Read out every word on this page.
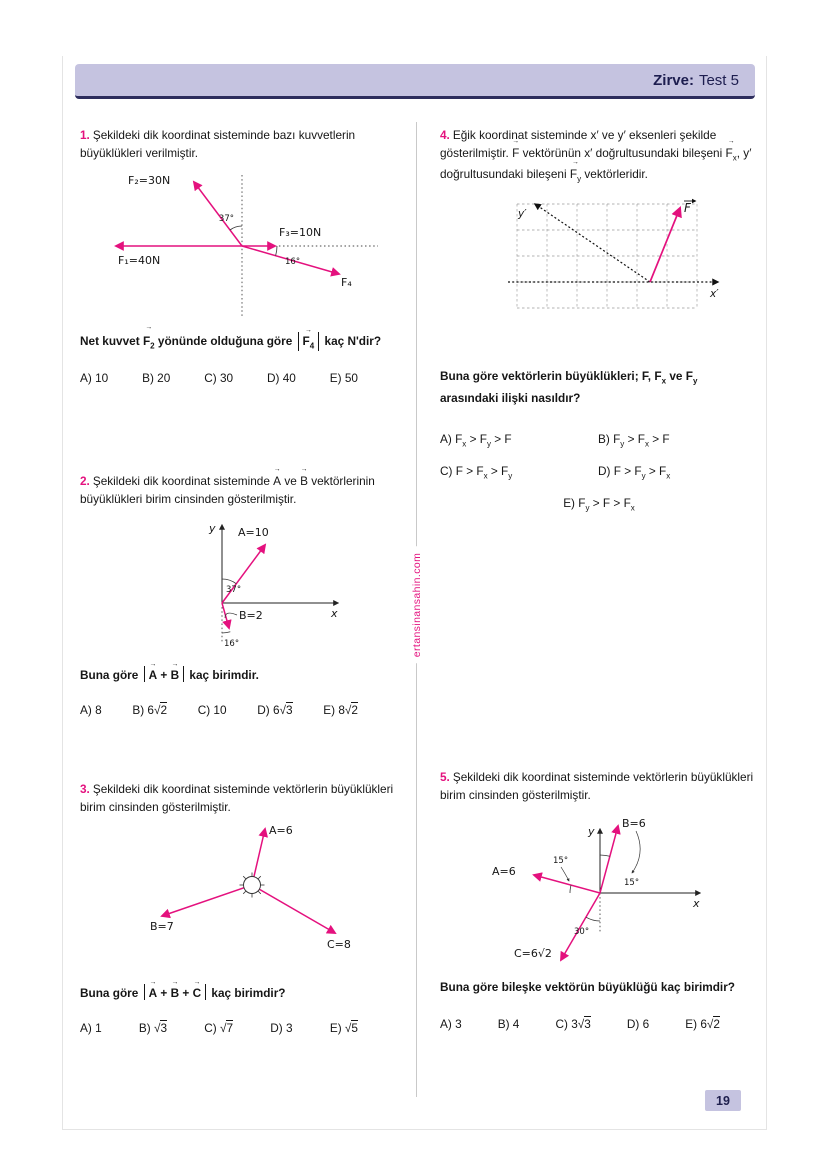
Zirve: Test 5
ertansinansahin.com
19

1. Şekildeki dik koordinat sisteminde bazı kuvvetlerin büyüklükleri verilmiştir.

F₂=30N
F₃=10N
F₁=40N
F₄
37°
16°

Net kuvvet → $F_2$ yönünde olduğuna göre → $F_4$ kaç N'dir?

A) 10	B) 20	C) 30	D) 40	E) 50

2. Şekildeki dik koordinat sisteminde → A ve → B vektörlerinin büyüklükleri birim cinsinden gösterilmiştir.

y
x
A=10
B=2
37°
16°

Buna göre → A + → B kaç birimdir.

A) 8	B) 6√2	C) 10	D) 6√3	E) 8√2

3. Şekildeki dik koordinat sisteminde vektörlerin büyüklükleri birim cinsinden gösterilmiştir.

A=6
B=7
C=8

Buna göre → A + → B + → C kaç birimdir?

A) 1	B) √3	C) √7	D) 3	E) √5

4. Eğik koordinat sisteminde x′ ve y′ eksenleri şekilde gösterilmiştir. → F vektörünün x′ doğrultusundaki bileşeni → $F_x$, y′ doğrultusundaki bileşeni → $F_y$ vektörleridir.

y′
x′
F

Buna göre vektörlerin büyüklükleri; F, $F_x$ ve $F_y$ arasındaki ilişki nasıldır?

A) $F_x > F_y > F$	B) $F_y > F_x > F$
C) $F > F_x > F_y$	D) $F > F_y > F_x$
E) $F_y > F > F_x$

5. Şekildeki dik koordinat sisteminde vektörlerin büyüklükleri birim cinsinden gösterilmiştir.

y
x
B=6
A=6
C=6√2
15°
15°
30°

Buna göre bileşke vektörün büyüklüğü kaç birimdir?

A) 3	B) 4	C) 3√3	D) 6	E) 6√2
